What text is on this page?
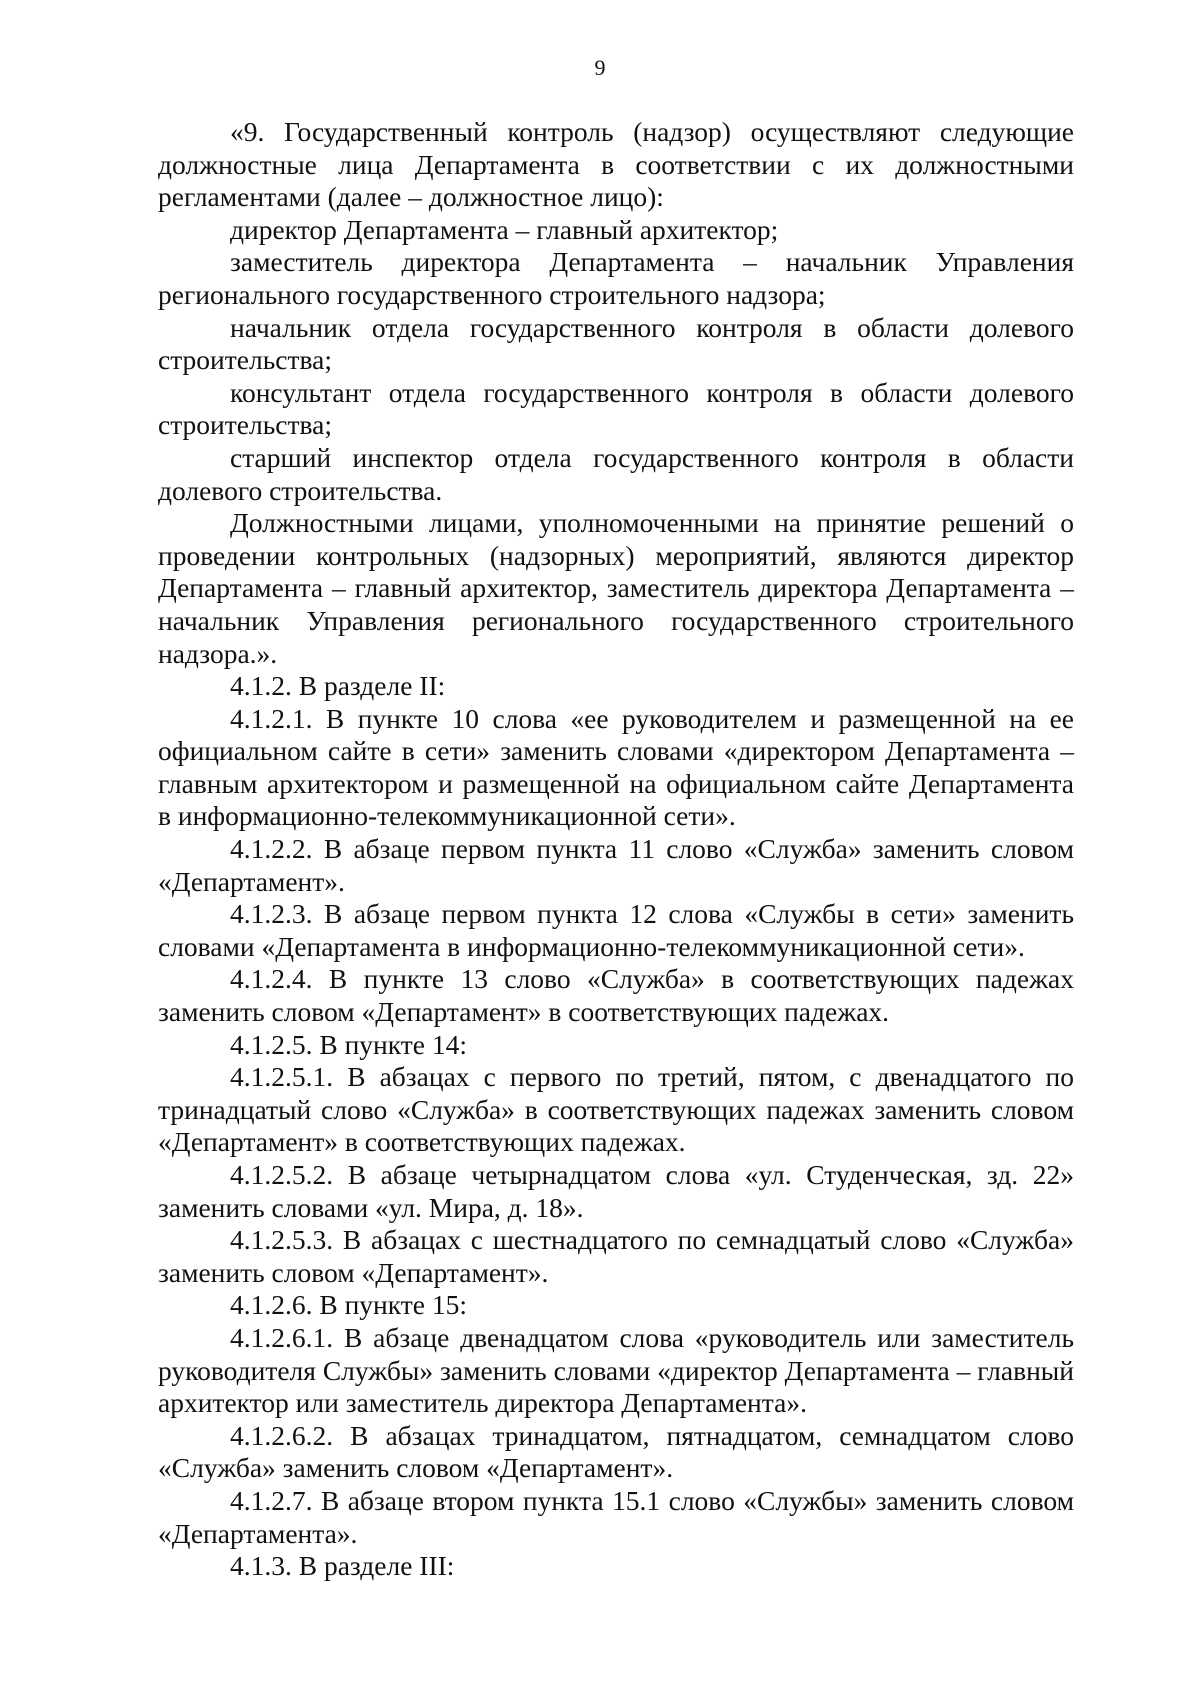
9

«9. Государственный контроль (надзор) осуществляют следующие должностные лица Департамента в соответствии с их должностными регламентами (далее – должностное лицо):

директор Департамента – главный архитектор;

заместитель директора Департамента – начальник Управления регионального государственного строительного надзора;

начальник отдела государственного контроля в области долевого строительства;

консультант отдела государственного контроля в области долевого строительства;

старший инспектор отдела государственного контроля в области долевого строительства.

Должностными лицами, уполномоченными на принятие решений о проведении контрольных (надзорных) мероприятий, являются директор Департамента – главный архитектор, заместитель директора Департамента – начальник Управления регионального государственного строительного надзора.».

4.1.2. В разделе II:

4.1.2.1. В пункте 10 слова «ее руководителем и размещенной на ее официальном сайте в сети» заменить словами «директором Департамента – главным архитектором и размещенной на официальном сайте Департамента в информационно-телекоммуникационной сети».

4.1.2.2. В абзаце первом пункта 11 слово «Служба» заменить словом «Департамент».

4.1.2.3. В абзаце первом пункта 12 слова «Службы в сети» заменить словами «Департамента в информационно-телекоммуникационной сети».

4.1.2.4. В пункте 13 слово «Служба» в соответствующих падежах заменить словом «Департамент» в соответствующих падежах.

4.1.2.5. В пункте 14:

4.1.2.5.1. В абзацах с первого по третий, пятом, с двенадцатого по тринадцатый слово «Служба» в соответствующих падежах заменить словом «Департамент» в соответствующих падежах.

4.1.2.5.2. В абзаце четырнадцатом слова «ул. Студенческая, зд. 22» заменить словами «ул. Мира, д. 18».

4.1.2.5.3. В абзацах с шестнадцатого по семнадцатый слово «Служба» заменить словом «Департамент».

4.1.2.6. В пункте 15:

4.1.2.6.1. В абзаце двенадцатом слова «руководитель или заместитель руководителя Службы» заменить словами «директор Департамента – главный архитектор или заместитель директора Департамента».

4.1.2.6.2. В абзацах тринадцатом, пятнадцатом, семнадцатом слово «Служба» заменить словом «Департамент».

4.1.2.7. В абзаце втором пункта 15.1 слово «Службы» заменить словом «Департамента».

4.1.3. В разделе III:
